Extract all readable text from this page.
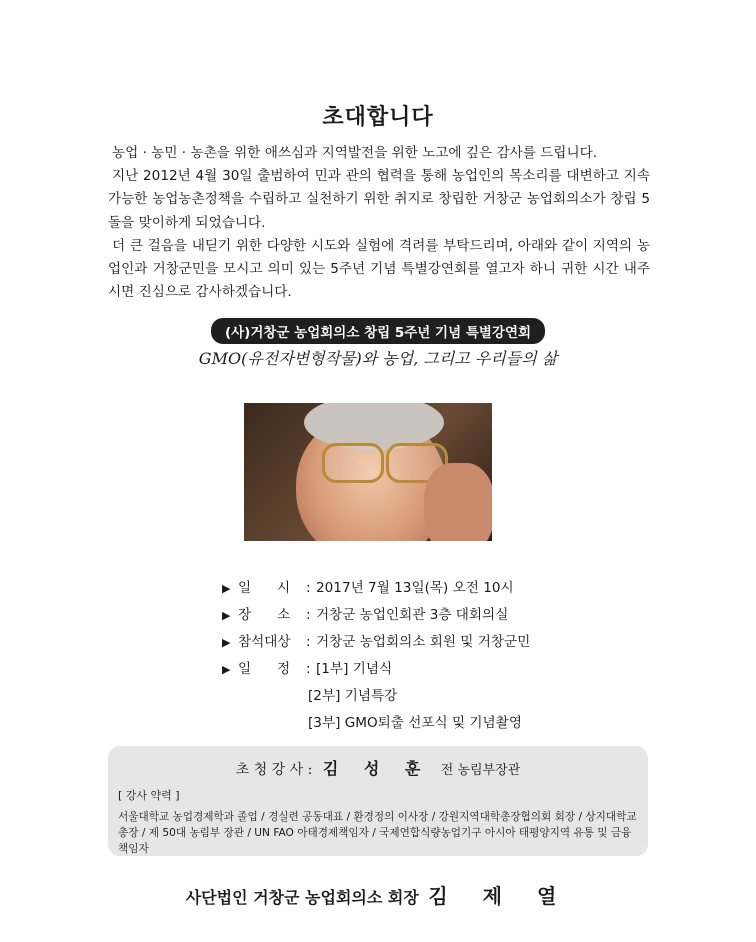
초대합니다

농업 · 농민 · 농촌을 위한 애쓰심과 지역발전을 위한 노고에 깊은 감사를 드립니다.

지난 2012년 4월 30일 출범하여 민과 관의 협력을 통해 농업인의 목소리를 대변하고 지속가능한 농업농촌정책을 수립하고 실천하기 위한 취지로 창립한 거창군 농업회의소가 창립 5돌을 맞이하게 되었습니다.

더 큰 걸음을 내딛기 위한 다양한 시도와 실험에 격려를 부탁드리며, 아래와 같이 지역의 농업인과 거창군민을 모시고 의미 있는 5주년 기념 특별강연회를 열고자 하니 귀한 시간 내주시면 진심으로 감사하겠습니다.

(사)거창군 농업회의소 창립 5주년 기념 특별강연회
GMO(유전자변형작물)와 농업, 그리고 우리들의 삶
▶ 일      시	: 2017년 7월 13일(목) 오전 10시
▶ 장      소	: 거창군 농업인회관 3층 대회의실
▶ 참석대상	: 거창군 농업회의소 회원 및 거창군민
▶ 일      정	: [1부] 기념식
[2부] 기념특강
[3부] GMO퇴출 선포식 및 기념촬영
초 청 강 사 : 김 성 훈 전 농림부장관
[ 강사 약력 ]
서울대학교 농업경제학과 졸업 / 경실련 공동대표 / 환경정의 이사장 / 강원지역대학총장협의회 회장 / 상지대학교 총장 / 제 50대 농림부 장관 / UN FAO 아태경제책임자 / 국제연합식량농업기구 아시아 태평양지역 유통 및 금융 책임자
사단법인 거창군 농업회의소 회장 김 제 열
